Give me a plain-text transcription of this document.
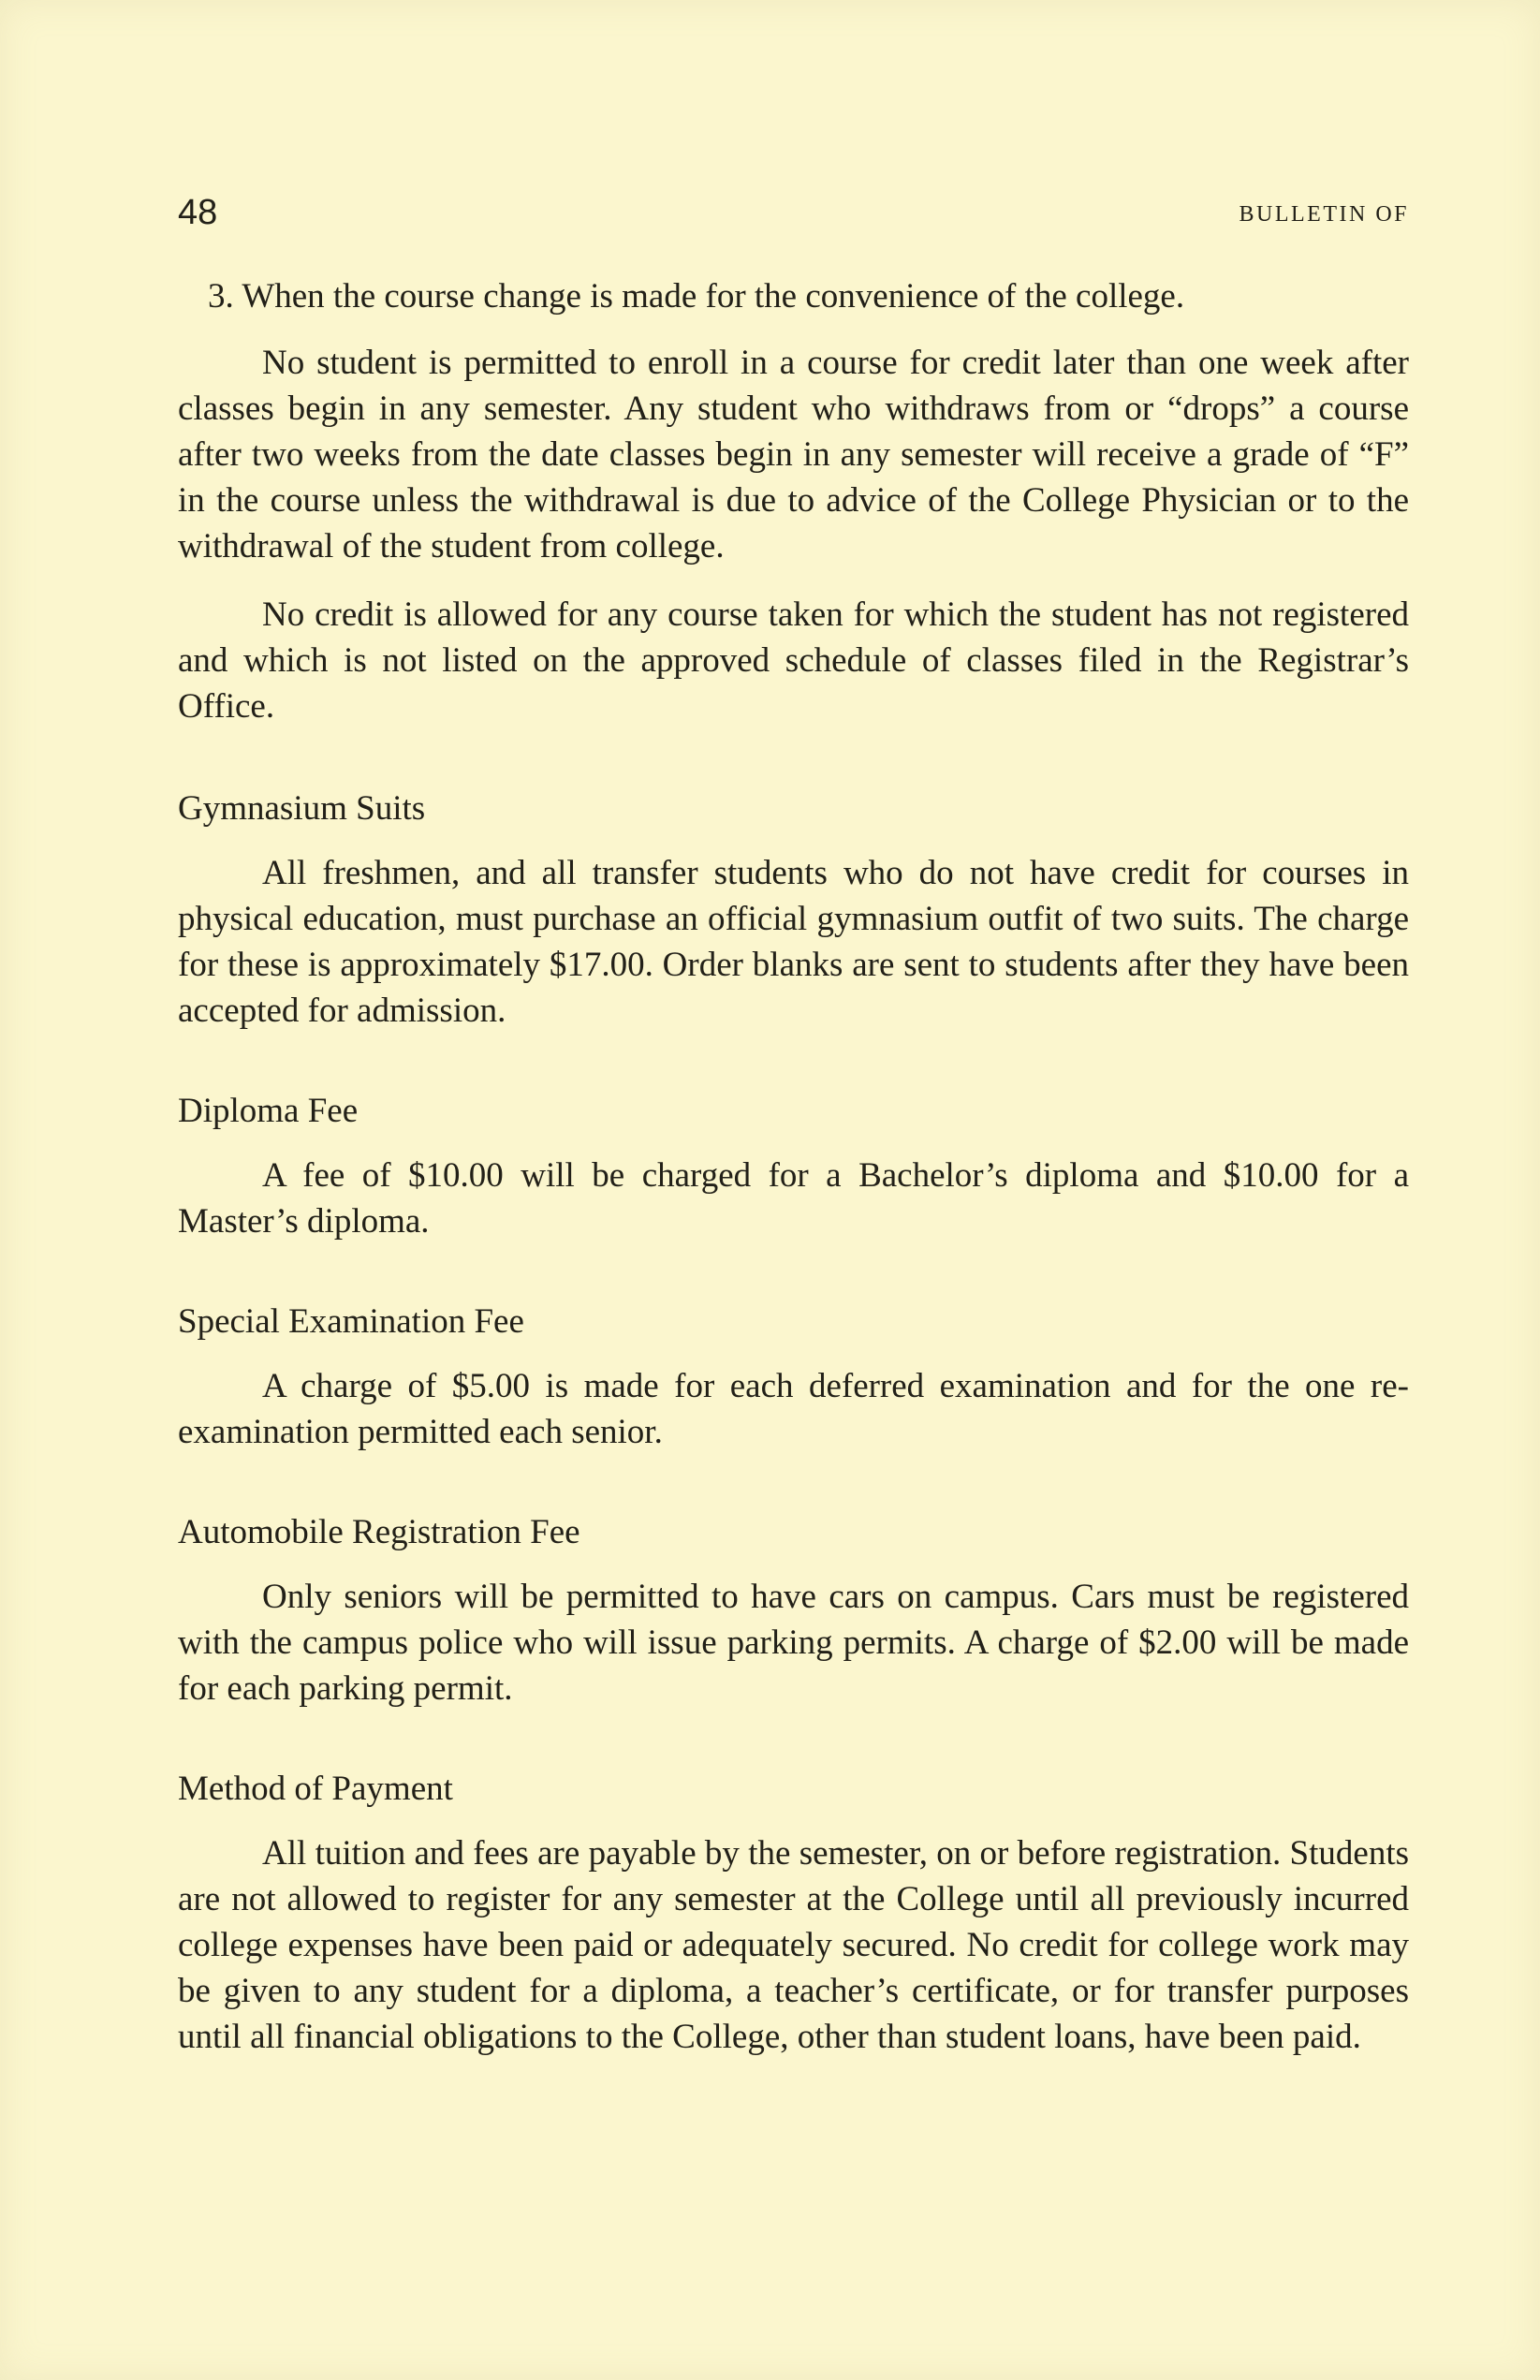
48	BULLETIN OF

3. When the course change is made for the convenience of the college.

No student is permitted to enroll in a course for credit later than one week after classes begin in any semester. Any student who withdraws from or “drops” a course after two weeks from the date classes begin in any semester will receive a grade of “F” in the course unless the withdrawal is due to advice of the College Physician or to the withdrawal of the student from college.

No credit is allowed for any course taken for which the student has not registered and which is not listed on the approved schedule of classes filed in the Registrar’s Office.

Gymnasium Suits

All freshmen, and all transfer students who do not have credit for courses in physical education, must purchase an official gymnasium outfit of two suits. The charge for these is approximately $17.00. Order blanks are sent to students after they have been accepted for admission.

Diploma Fee

A fee of $10.00 will be charged for a Bachelor’s diploma and $10.00 for a Master’s diploma.

Special Examination Fee

A charge of $5.00 is made for each deferred examination and for the one re-examination permitted each senior.

Automobile Registration Fee

Only seniors will be permitted to have cars on campus. Cars must be registered with the campus police who will issue parking permits. A charge of $2.00 will be made for each parking permit.

Method of Payment

All tuition and fees are payable by the semester, on or before registration. Students are not allowed to register for any semester at the College until all previously incurred college expenses have been paid or adequately secured. No credit for college work may be given to any student for a diploma, a teacher’s certificate, or for transfer purposes until all financial obligations to the College, other than student loans, have been paid.
